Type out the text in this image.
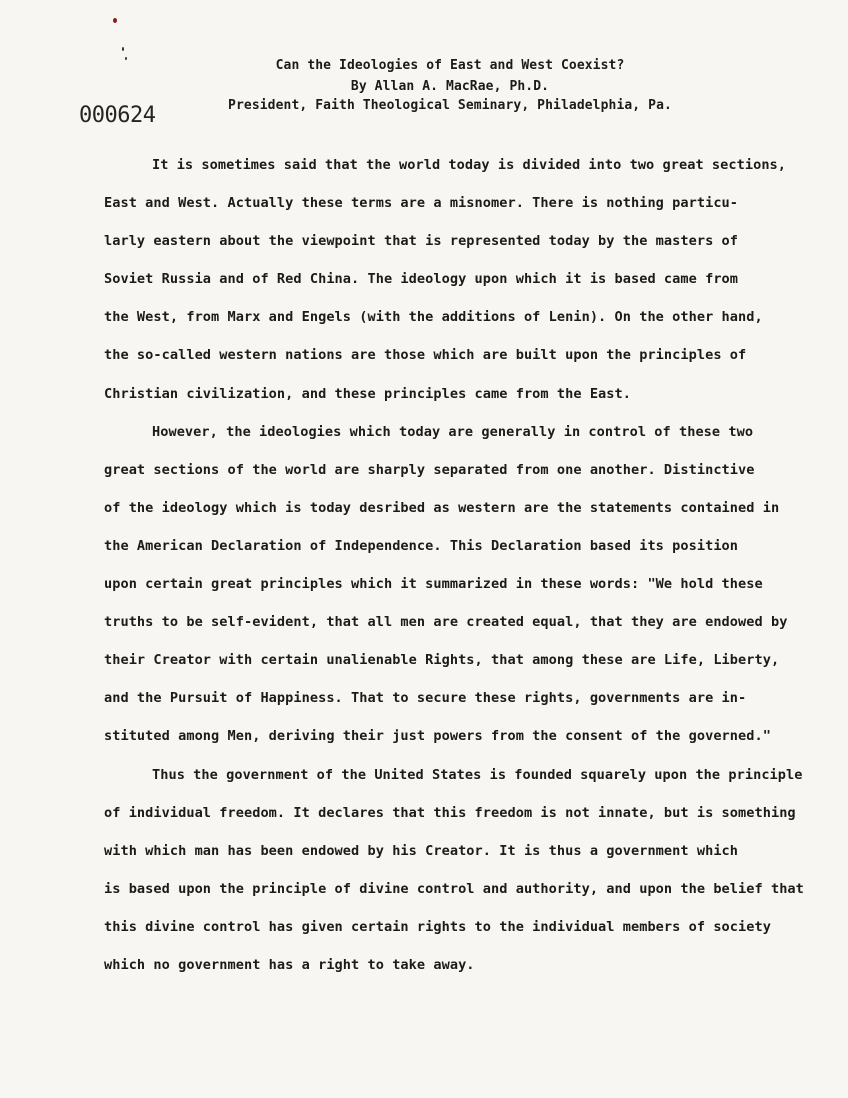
Can the Ideologies of East and West Coexist?
By Allan A. MacRae, Ph.D.
President, Faith Theological Seminary, Philadelphia, Pa.
000624

It is sometimes said that the world today is divided into two great sections,
East and West. Actually these terms are a misnomer. There is nothing particu-
larly eastern about the viewpoint that is represented today by the masters of
Soviet Russia and of Red China. The ideology upon which it is based came from
the West, from Marx and Engels (with the additions of Lenin). On the other hand,
the so-called western nations are those which are built upon the principles of
Christian civilization, and these principles came from the East.

However, the ideologies which today are generally in control of these two
great sections of the world are sharply separated from one another. Distinctive
of the ideology which is today desribed as western are the statements contained in
the American Declaration of Independence. This Declaration based its position
upon certain great principles which it summarized in these words: "We hold these
truths to be self-evident, that all men are created equal, that they are endowed by
their Creator with certain unalienable Rights, that among these are Life, Liberty,
and the Pursuit of Happiness. That to secure these rights, governments are in-
stituted among Men, deriving their just powers from the consent of the governed."

Thus the government of the United States is founded squarely upon the principle
of individual freedom. It declares that this freedom is not innate, but is something
with which man has been endowed by his Creator. It is thus a government which
is based upon the principle of divine control and authority, and upon the belief that
this divine control has given certain rights to the individual members of society
which no government has a right to take away.
